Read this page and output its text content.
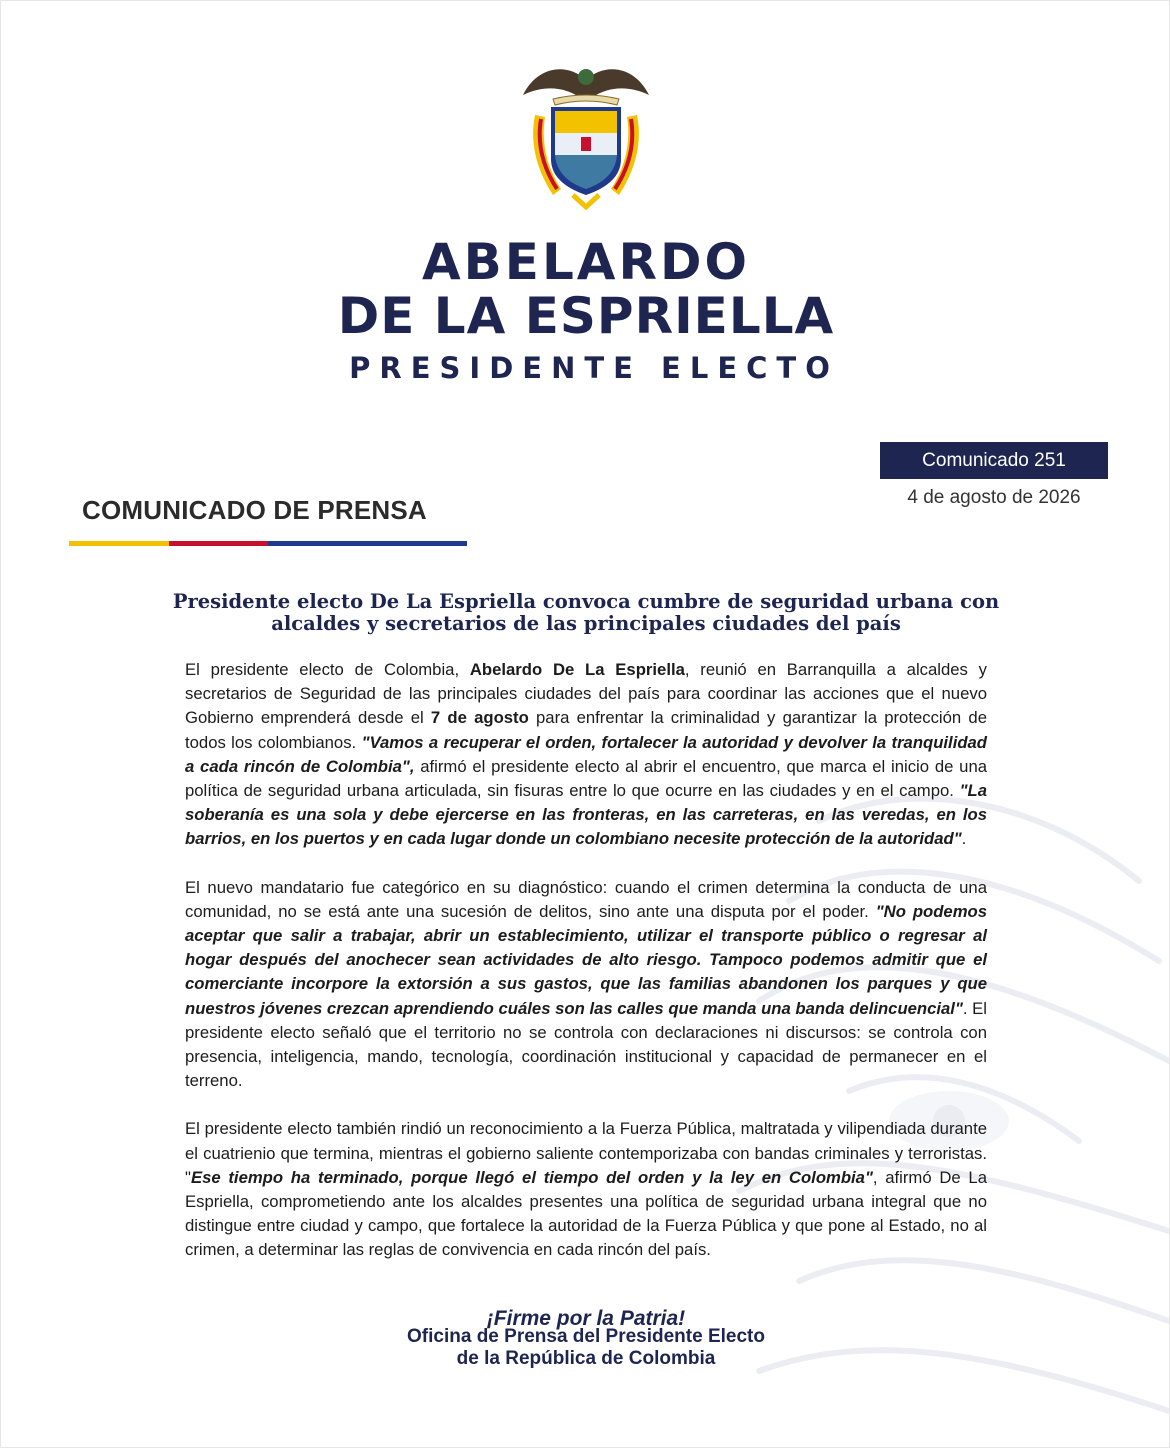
ABELARDO
DE LA ESPRIELLA
PRESIDENTE ELECTO
Comunicado 251
4 de agosto de 2026
COMUNICADO DE PRENSA
Presidente electo De La Espriella convoca cumbre de seguridad urbana con
alcaldes y secretarios de las principales ciudades del país

El presidente electo de Colombia, Abelardo De La Espriella, reunió en Barranquilla a alcaldes y secretarios de Seguridad de las principales ciudades del país para coordinar las acciones que el nuevo Gobierno emprenderá desde el 7 de agosto para enfrentar la criminalidad y garantizar la protección de todos los colombianos. "Vamos a recuperar el orden, fortalecer la autoridad y devolver la tranquilidad a cada rincón de Colombia", afirmó el presidente electo al abrir el encuentro, que marca el inicio de una política de seguridad urbana articulada, sin fisuras entre lo que ocurre en las ciudades y en el campo. "La soberanía es una sola y debe ejercerse en las fronteras, en las carreteras, en las veredas, en los barrios, en los puertos y en cada lugar donde un colombiano necesite protección de la autoridad".

El nuevo mandatario fue categórico en su diagnóstico: cuando el crimen determina la conducta de una comunidad, no se está ante una sucesión de delitos, sino ante una disputa por el poder. "No podemos aceptar que salir a trabajar, abrir un establecimiento, utilizar el transporte público o regresar al hogar después del anochecer sean actividades de alto riesgo. Tampoco podemos admitir que el comerciante incorpore la extorsión a sus gastos, que las familias abandonen los parques y que nuestros jóvenes crezcan aprendiendo cuáles son las calles que manda una banda delincuencial". El presidente electo señaló que el territorio no se controla con declaraciones ni discursos: se controla con presencia, inteligencia, mando, tecnología, coordinación institucional y capacidad de permanecer en el terreno.

El presidente electo también rindió un reconocimiento a la Fuerza Pública, maltratada y vilipendiada durante el cuatrienio que termina, mientras el gobierno saliente contemporizaba con bandas criminales y terroristas. "Ese tiempo ha terminado, porque llegó el tiempo del orden y la ley en Colombia", afirmó De La Espriella, comprometiendo ante los alcaldes presentes una política de seguridad urbana integral que no distingue entre ciudad y campo, que fortalece la autoridad de la Fuerza Pública y que pone al Estado, no al crimen, a determinar las reglas de convivencia en cada rincón del país.

¡Firme por la Patria!
Oficina de Prensa del Presidente Electo
de la República de Colombia
